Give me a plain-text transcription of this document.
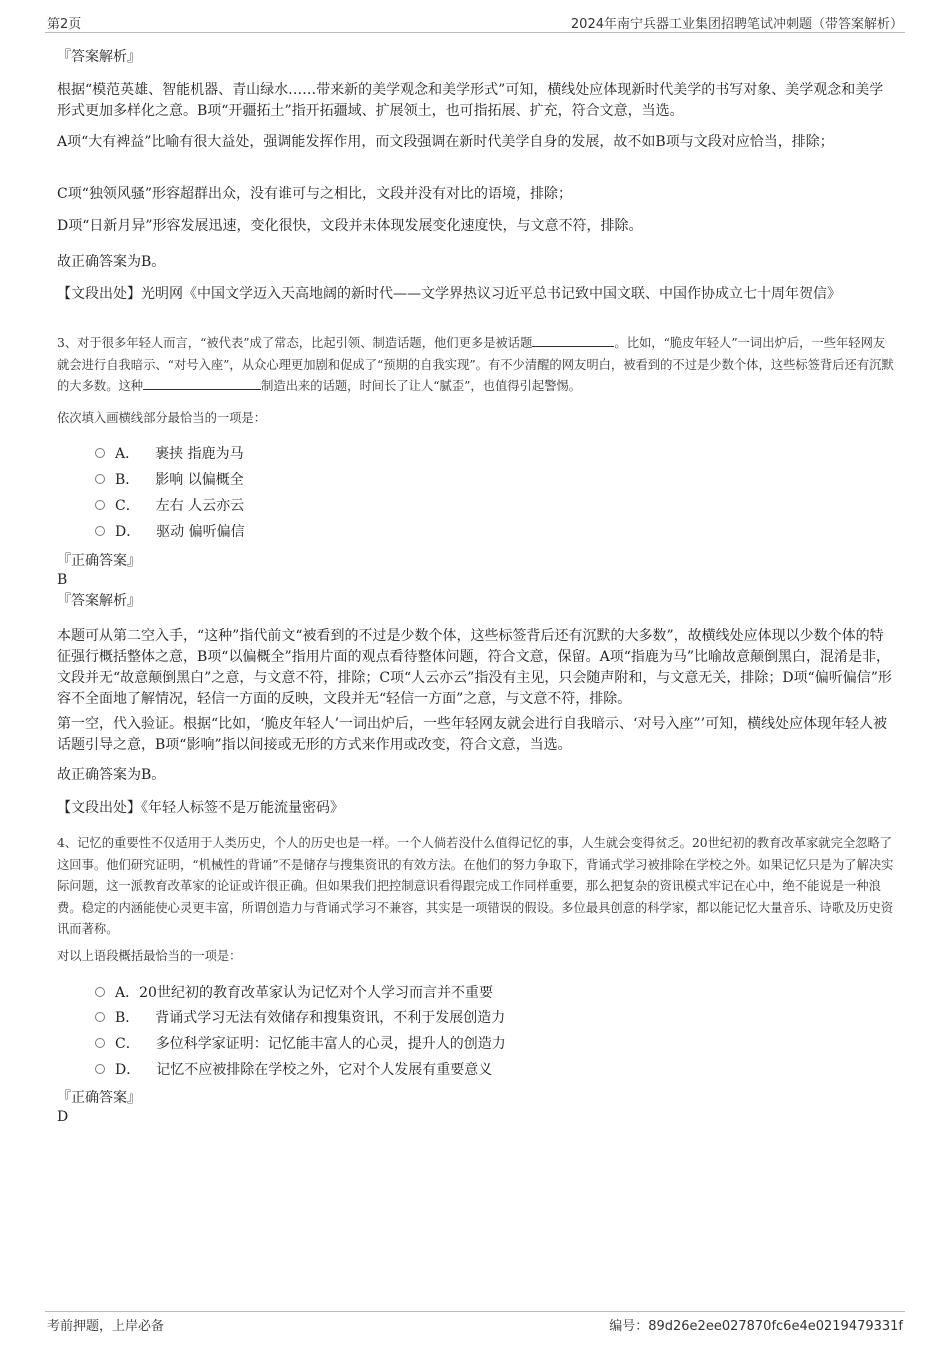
第2页	2024年南宁兵器工业集团招聘笔试冲刺题（带答案解析）
『答案解析』
根据“模范英雄、智能机器、青山绿水……带来新的美学观念和美学形式”可知，横线处应体现新时代美学的书写对象、美学观念和美学形式更加多样化之意。B项“开疆拓土”指开拓疆域、扩展领土，也可指拓展、扩充，符合文意，当选。
A项“大有裨益”比喻有很大益处，强调能发挥作用，而文段强调在新时代美学自身的发展，故不如B项与文段对应恰当，排除；
C项“独领风骚”形容超群出众，没有谁可与之相比，文段并没有对比的语境，排除；
D项“日新月异”形容发展迅速，变化很快，文段并未体现发展变化速度快，与文意不符，排除。
故正确答案为B。
【文段出处】光明网《中国文学迈入天高地阔的新时代——文学界热议习近平总书记致中国文联、中国作协成立七十周年贺信》
3、对于很多年轻人而言，“被代表”成了常态，比起引领、制造话题，他们更多是被话题	。比如，“脆皮年轻人”一词出炉后，一些年轻网友就会进行自我暗示、“对号入座”，从众心理更加剧和促成了“预期的自我实现”。有不少清醒的网友明白，被看到的不过是少数个体，这些标签背后还有沉默的大多数。这种	制造出来的话题，时间长了让人“腻歪”，也值得引起警惕。
依次填入画横线部分最恰当的一项是：
A． 裹挟 指鹿为马
B． 影响 以偏概全
C． 左右 人云亦云
D． 驱动 偏听偏信
『正确答案』
B
『答案解析』
本题可从第二空入手，“这种”指代前文“被看到的不过是少数个体，这些标签背后还有沉默的大多数”，故横线处应体现以少数个体的特征强行概括整体之意，B项“以偏概全”指用片面的观点看待整体问题，符合文意，保留。A项“指鹿为马”比喻故意颠倒黑白，混淆是非，文段并无“故意颠倒黑白”之意，与文意不符，排除；C项“人云亦云”指没有主见，只会随声附和，与文意无关，排除；D项“偏听偏信”形容不全面地了解情况，轻信一方面的反映，文段并无“轻信一方面”之意，与文意不符，排除。
第一空，代入验证。根据“比如，‘脆皮年轻人’一词出炉后，一些年轻网友就会进行自我暗示、‘对号入座”’可知，横线处应体现年轻人被话题引导之意，B项“影响”指以间接或无形的方式来作用或改变，符合文意，当选。
故正确答案为B。
【文段出处】《年轻人标签不是万能流量密码》
4、记忆的重要性不仅适用于人类历史，个人的历史也是一样。一个人倘若没什么值得记忆的事，人生就会变得贫乏。20世纪初的教育改革家就完全忽略了这回事。他们研究证明，“机械性的背诵”不是储存与搜集资讯的有效方法。在他们的努力争取下，背诵式学习被排除在学校之外。如果记忆只是为了解决实际问题，这一派教育改革家的论证或许很正确。但如果我们把控制意识看得跟完成工作同样重要，那么把复杂的资讯模式牢记在心中，绝不能说是一种浪费。稳定的内涵能使心灵更丰富，所谓创造力与背诵式学习不兼容，其实是一项错误的假设。多位最具创意的科学家，都以能记忆大量音乐、诗歌及历史资讯而著称。
对以上语段概括最恰当的一项是：
A．20世纪初的教育改革家认为记忆对个人学习而言并不重要
B． 背诵式学习无法有效储存和搜集资讯，不利于发展创造力
C． 多位科学家证明：记忆能丰富人的心灵，提升人的创造力
D． 记忆不应被排除在学校之外，它对个人发展有重要意义
『正确答案』
D
考前押题，上岸必备	编号：89d26e2ee027870fc6e4e0219479331f
